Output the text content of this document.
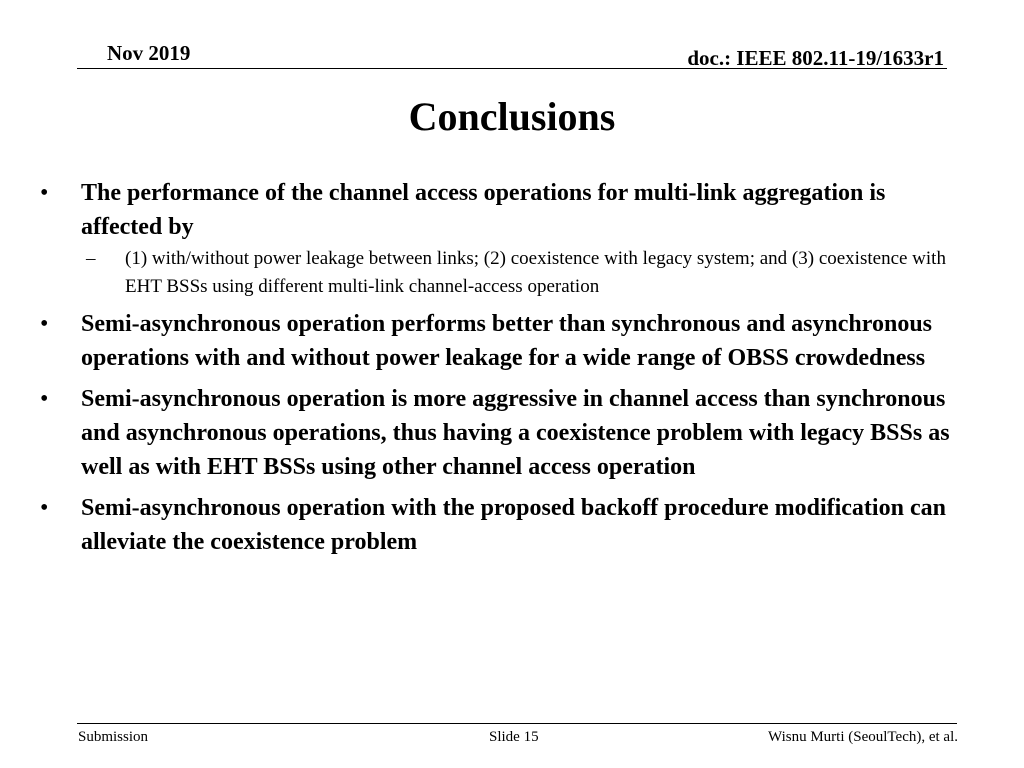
Nov 2019	doc.: IEEE 802.11-19/1633r1
Conclusions
• The performance of the channel access operations for multi-link aggregation is affected by
– (1) with/without power leakage between links; (2) coexistence with legacy system; and (3) coexistence with EHT BSSs using different multi-link channel-access operation
• Semi-asynchronous operation performs better than synchronous and asynchronous operations with and without power leakage for a wide range of OBSS crowdedness
• Semi-asynchronous operation is more aggressive in channel access than synchronous and asynchronous operations, thus having a coexistence problem with legacy BSSs as well as with EHT BSSs using other channel access operation
• Semi-asynchronous operation with the proposed backoff procedure modification can alleviate the coexistence problem
Submission	Slide 15	Wisnu Murti (SeoulTech), et al.
